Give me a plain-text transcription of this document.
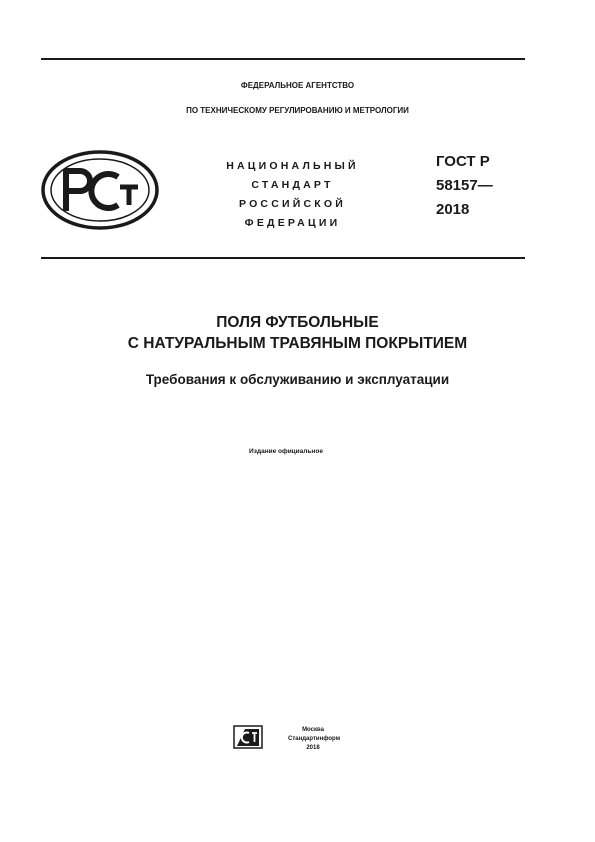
ФЕДЕРАЛЬНОЕ АГЕНТСТВО
ПО ТЕХНИЧЕСКОМУ РЕГУЛИРОВАНИЮ И МЕТРОЛОГИИ
НАЦИОНАЛЬНЫЙ
СТАНДАРТ
РОССИЙСКОЙ
ФЕДЕРАЦИИ
ГОСТ Р
58157—
2018
ПОЛЯ ФУТБОЛЬНЫЕ
С НАТУРАЛЬНЫМ ТРАВЯНЫМ ПОКРЫТИЕМ
Требования к обслуживанию и эксплуатации
Издание официальное
Москва
Стандартинформ
2018
